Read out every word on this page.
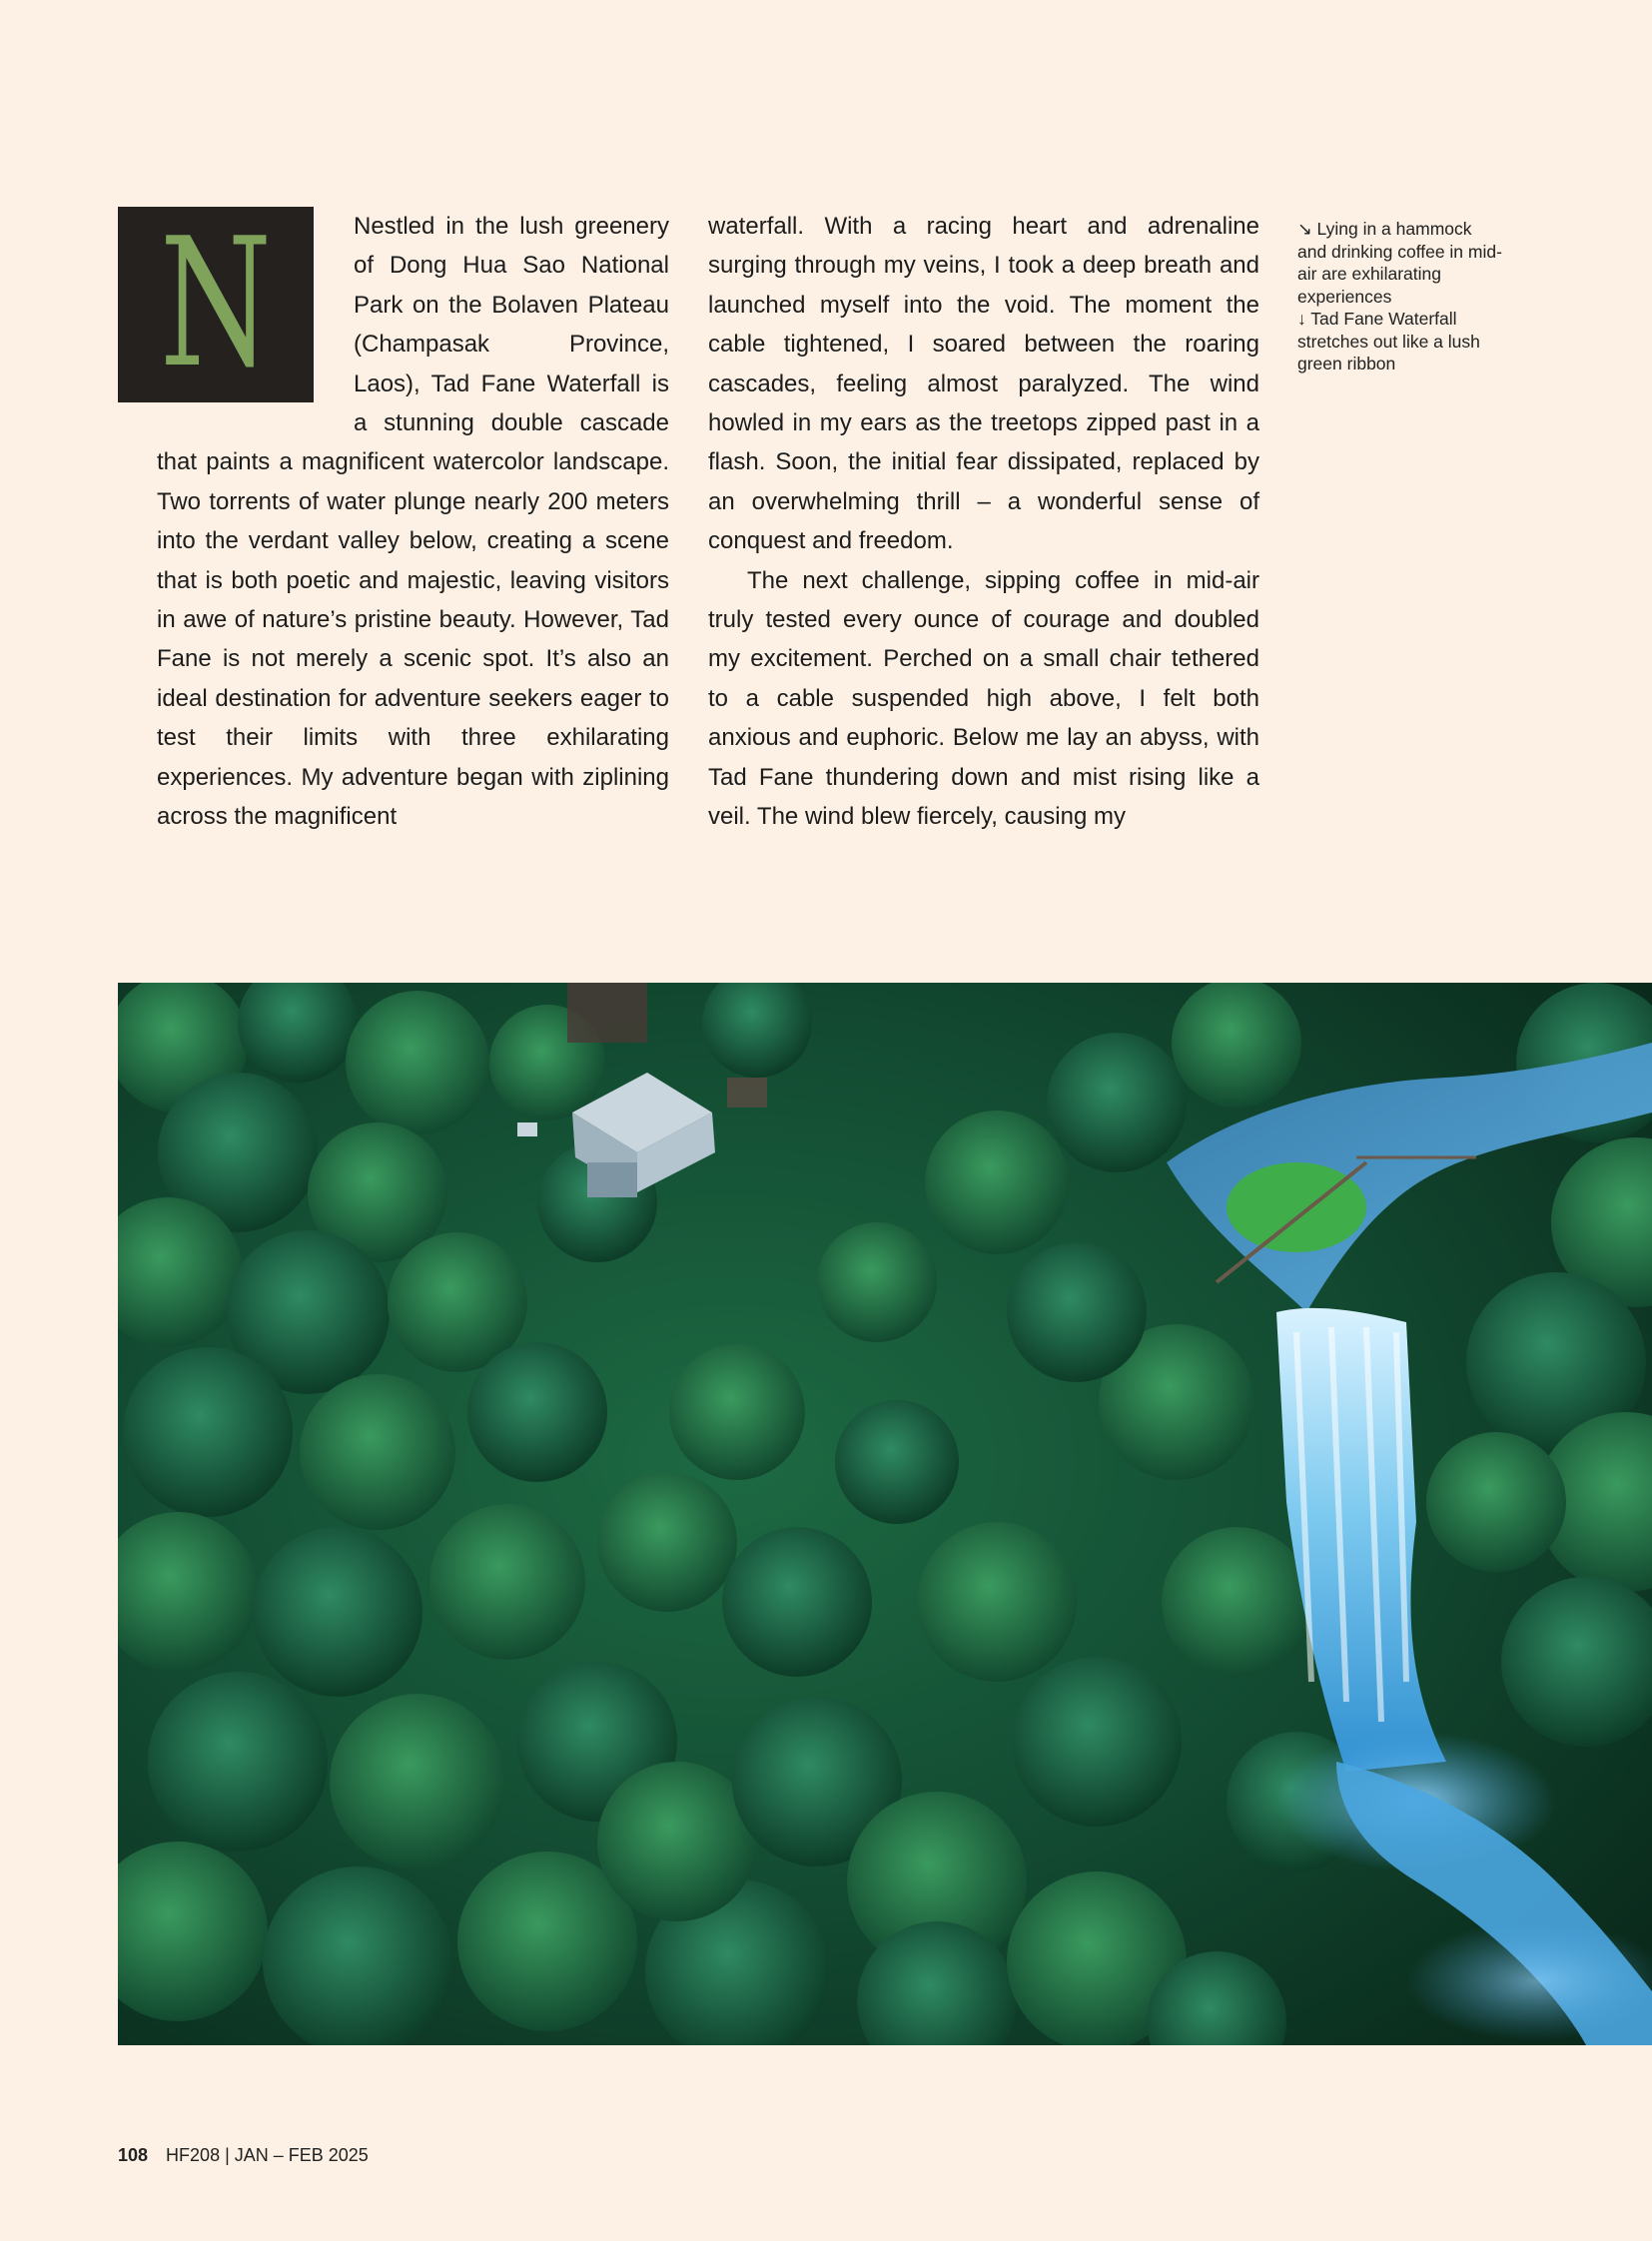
N	Nestled in the lush greenery of Dong Hua Sao National Park on the Bolaven Plateau (Champasak Province, Laos), Tad Fane Waterfall is a stunning double cascade that paints a magnificent watercolor landscape. Two torrents of water plunge nearly 200 meters into the verdant valley below, creating a scene that is both poetic and majestic, leaving visitors in awe of nature’s pristine beauty. However, Tad Fane is not merely a scenic spot. It’s also an ideal destination for adventure seekers eager to test their limits with three exhilarating experiences. My adventure began with ziplining across the magnificent

waterfall. With a racing heart and adrenaline surging through my veins, I took a deep breath and launched myself into the void. The moment the cable tightened, I soared between the roaring cascades, feeling almost paralyzed. The wind howled in my ears as the treetops zipped past in a flash. Soon, the initial fear dissipated, replaced by an overwhelming thrill – a wonderful sense of conquest and freedom.

The next challenge, sipping coffee in mid-air truly tested every ounce of courage and doubled my excitement. Perched on a small chair tethered to a cable suspended high above, I felt both anxious and euphoric. Below me lay an abyss, with Tad Fane thundering down and mist rising like a veil. The wind blew fiercely, causing my

↘ Lying in a hammock and drinking coffee in mid-air are exhilarating experiences
↓ Tad Fane Waterfall stretches out like a lush green ribbon
108 HF208 | JAN – FEB 2025
